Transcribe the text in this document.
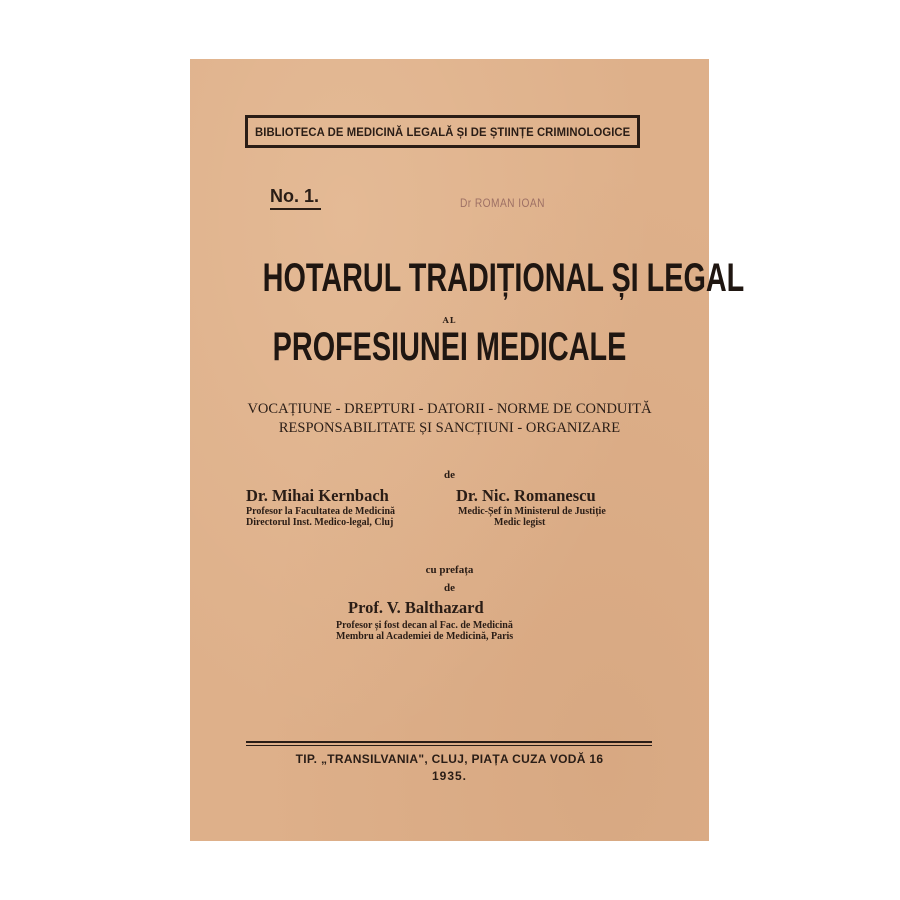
BIBLIOTECA DE MEDICINĂ LEGALĂ ȘI DE ȘTIINȚE CRIMINOLOGICE
No. 1.	Dr ROMAN IOAN
HOTARUL TRADIȚIONAL ȘI LEGAL
AL
PROFESIUNEI MEDICALE
VOCAȚIUNE - DREPTURI - DATORII - NORME DE CONDUITĂ
RESPONSABILITATE ȘI SANCȚIUNI - ORGANIZARE
de
Dr. Mihai Kernbach
Profesor la Facultatea de Medicină
Directorul Inst. Medico-legal, Cluj
Dr. Nic. Romanescu
Medic-Șef în Ministerul de Justiție
Medic legist
cu prefața
de
Prof. V. Balthazard
Profesor și fost decan al Fac. de Medicină
Membru al Academiei de Medicină, Paris
TIP. „TRANSILVANIA", CLUJ, PIAȚA CUZA VODĂ 16
1935.
